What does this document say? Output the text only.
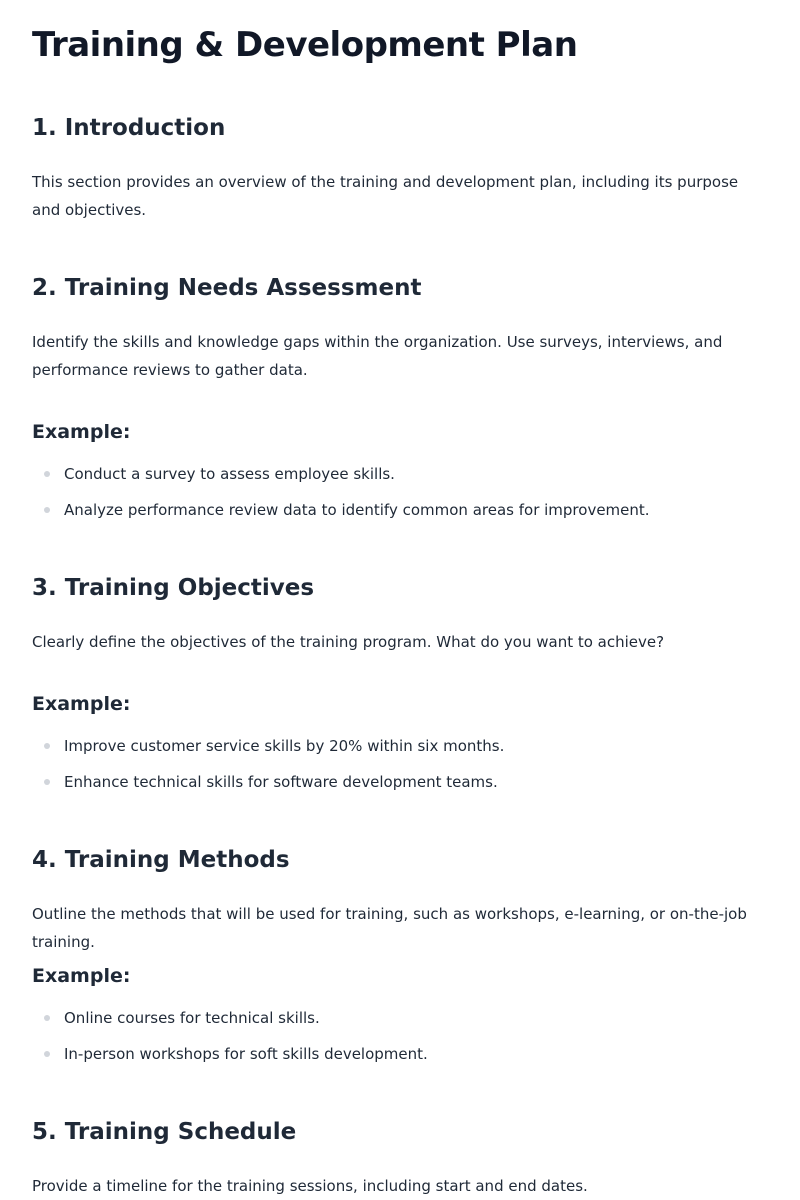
Training & Development Plan
1. Introduction

This section provides an overview of the training and development plan, including its purpose and objectives.

2. Training Needs Assessment

Identify the skills and knowledge gaps within the organization. Use surveys, interviews, and performance reviews to gather data.

Example:
Conduct a survey to assess employee skills.
Analyze performance review data to identify common areas for improvement.
3. Training Objectives

Clearly define the objectives of the training program. What do you want to achieve?

Example:
Improve customer service skills by 20% within six months.
Enhance technical skills for software development teams.
4. Training Methods

Outline the methods that will be used for training, such as workshops, e-learning, or on-the-job training.

Example:
Online courses for technical skills.
In-person workshops for soft skills development.
5. Training Schedule

Provide a timeline for the training sessions, including start and end dates.
